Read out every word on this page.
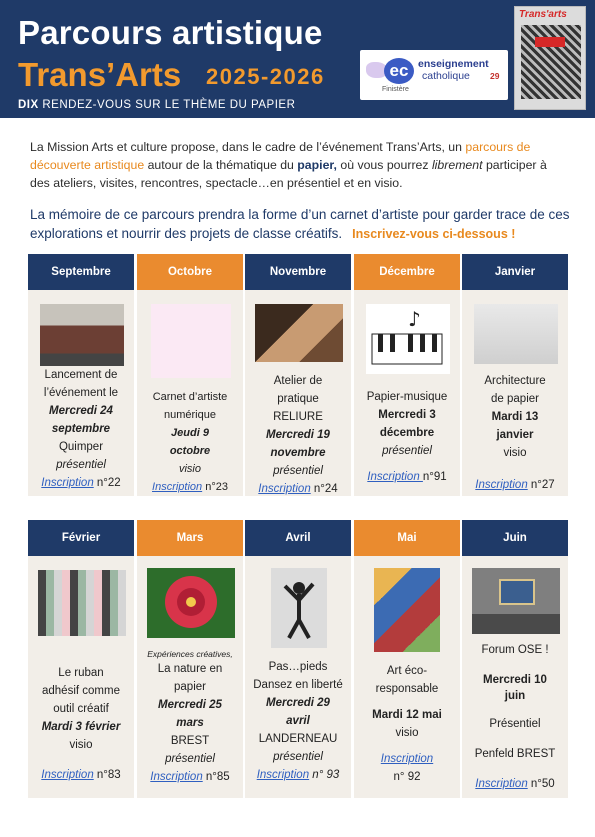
Parcours artistique
Trans’Arts 2025-2026
DIX RENDEZ-VOUS SUR LE THÈME DU PAPIER
ec enseignement
catholique 29
Finistère
Trans'arts
La Mission Arts et culture propose, dans le cadre de l’événement Trans’Arts, un parcours de découverte artistique autour de la thématique du papier, où vous pourrez librement participer à des ateliers, visites, rencontres, spectacle…en présentiel et en visio.
La mémoire de ce parcours prendra la forme d’un carnet d’artiste pour garder trace de ces explorations et nourrir des projets de classe créatifs. Inscrivez-vous ci-dessous !
Septembre
Lancement de
l’événement le
Mercredi 24
septembre
Quimper
présentiel
Inscription n°22
Octobre
Carnet d’artiste
numérique
Jeudi 9
octobre
visio
Inscription n°23
Novembre
Atelier de
pratique
RELIURE
Mercredi 19
novembre
présentiel
Inscription n°24
Décembre
♪
Papier-musique
Mercredi 3
décembre
présentiel
Inscription n°91
Janvier
Architecture
de papier
Mardi 13
janvier
visio
Inscription n°27
Février
Le ruban
adhésif comme
outil créatif
Mardi 3 février
visio
Inscription n°83
Mars
Expériences créatives,
La nature en
papier
Mercredi 25
mars
BREST
présentiel
Inscription n°85
Avril
Pas…pieds
Dansez en liberté
Mercredi 29
avril
LANDERNEAU
présentiel
Inscription n° 93
Mai
Art éco-
responsable
Mardi 12 mai
visio
Inscription
n° 92
Juin
Forum OSE !
Mercredi 10
juin
Présentiel
Penfeld BREST
Inscription n°50
